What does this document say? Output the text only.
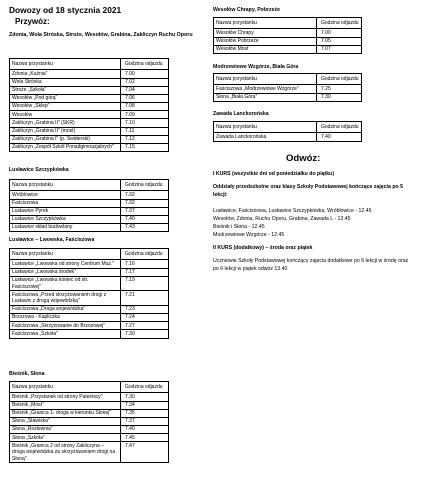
Dowozy od 18 stycznia 2021
Przywóz:
Zdonia, Wola Stróska, Stroże, Wesołów, Grabina, Zakliczyn Ruchu Oporu
Nazwa przystanku	Godzina odjazdu
Zdonia „Kuźnia"	7.00
Wola Stróska	7.02
Stroże „Szkoła"	7.04
Wesołów „Pod górą"	7.06
Wesołów „Sklep"	7.08
Wesołów	7.09
Zakliczyn „Grabina II" (SKR)	7.10
Zakliczyn „Grabina II" (most)	7.11
Zakliczyn „Grabina I" (p. Świderski)	7.12
Zakliczyn „Zespół Szkół Ponadgimnazjalnych"	7.15
Lusławice Szczypkówka
Nazwa przystanku	Godzina odjazdu
Wróblowice	7.32
Faściszowa	7.32
Lusławice Pyrek	7.37
Lusławice Szczypkówka	7.40
Lusławice skład budowlany	7.43
Lusławice – Lwowska, Faściszowa
Nazwa przystanku	Godzina odjazdu
Lusławice „Lwowska od strony Centrum Muz."	7.16
Lusławice „Lwowska środek"	7.17
Lusławice „Lwowska koniec od str. Faściszowej"	7.19
Faściszowa „Przed skrzyżowaniem drogi z Lusławic z drogą wojewódzką"	7.21
Faściszowa „Droga wojewódzka"	7.23
Brzozowa - Kapliczka	7.24
Faściszowa „Skrzyżowanie do Brzozowej"	7.27
Faściszowa „Szkoła"	7.30
Bieśnik, Słona
Nazwa przystanku	Godzina odjazdu
Bieśnik „Przystanek od strony Paleśnicy"	7.30
Bieśnik „Most"	7.34
Bieśnik „Granica 1- droga w kierunku Słonej"	7.35
Słona „Stawiska"	7.37
Słona „Rozlewnia"	7.40
Słona „Szkoła"	7.45
Bieśnik „Granica 2 od strony Zakliczyna – droga wojewódzka za skrzyżowaniem drogi na Słoną"	7.47
Wesołów Chrapy, Pobrzeże
Nazwa przystanku	Godzina odjazdu
Wesołów Chrapy	7.00
Wesołów Pobrzeże	7.05
Wesołów Most	7.07
Modrzewiowe Wzgórze, Biała Góra
Nazwa przystanku	Godzina odjazdu
Faściszowa „Modrzewiowe Wzgórze"	7.25
Słona „Biała Góra"	7.30
Zawada Lanckorońska
Nazwa przystanku	Godzina odjazdu
Zawada Lanckorońska	7.40
Odwóz:
I KURS (wszystkie dni od poniedziałku do piątku)
Oddziały przedszkolne oraz klasy Szkoły Podstawowej kończące zajęcia po 5 lekcji:
Lusławice, Faściszowa, Lusławice Szczypkówka, Wróblowice - 12.45
Wesołów, Zdonia, Ruchu Oporu, Grabina, Zawada L - 12.45
Bieśnik i Słona - 12.45
Modrzewiowe Wzgórze - 12.45
II KURS (dodatkowy) – środa oraz piątek
Uczniowie Szkoły Podstawowej kończący zajęcia dodatkowe po 6 lekcji w środę oraz po 6 lekcji w piątek odwóz 13.40
